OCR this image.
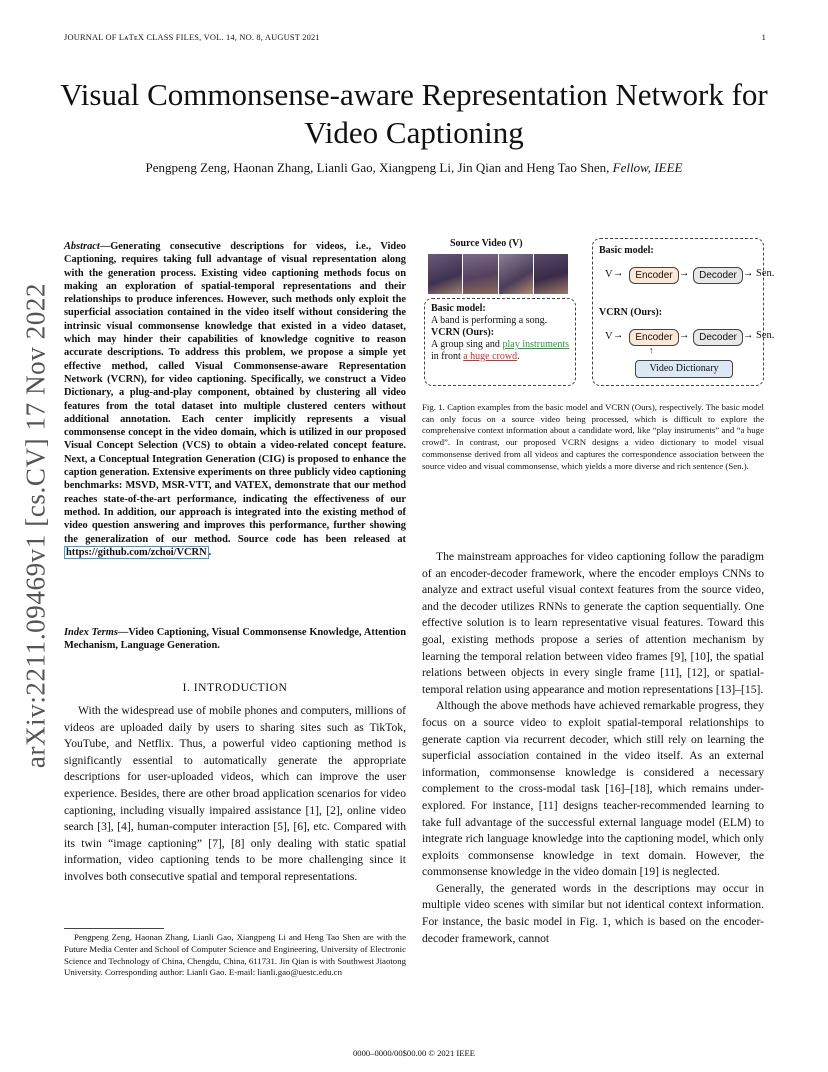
JOURNAL OF LᴀTᴇX CLASS FILES, VOL. 14, NO. 8, AUGUST 2021	1
Visual Commonsense-aware Representation Network for Video Captioning
Pengpeng Zeng, Haonan Zhang, Lianli Gao, Xiangpeng Li, Jin Qian and Heng Tao Shen, Fellow, IEEE
arXiv:2211.09469v1 [cs.CV] 17 Nov 2022
Abstract—Generating consecutive descriptions for videos, i.e., Video Captioning, requires taking full advantage of visual representation along with the generation process. Existing video captioning methods focus on making an exploration of spatial-temporal representations and their relationships to produce inferences. However, such methods only exploit the superficial association contained in the video itself without considering the intrinsic visual commonsense knowledge that existed in a video dataset, which may hinder their capabilities of knowledge cognitive to reason accurate descriptions. To address this problem, we propose a simple yet effective method, called Visual Commonsense-aware Representation Network (VCRN), for video captioning. Specifically, we construct a Video Dictionary, a plug-and-play component, obtained by clustering all video features from the total dataset into multiple clustered centers without additional annotation. Each center implicitly represents a visual commonsense concept in the video domain, which is utilized in our proposed Visual Concept Selection (VCS) to obtain a video-related concept feature. Next, a Conceptual Integration Generation (CIG) is proposed to enhance the caption generation. Extensive experiments on three publicly video captioning benchmarks: MSVD, MSR-VTT, and VATEX, demonstrate that our method reaches state-of-the-art performance, indicating the effectiveness of our method. In addition, our approach is integrated into the existing method of video question answering and improves this performance, further showing the generalization of our method. Source code has been released at https://github.com/zchoi/VCRN .
Index Terms—Video Captioning, Visual Commonsense Knowledge, Attention Mechanism, Language Generation.
I. INTRODUCTION

With the widespread use of mobile phones and computers, millions of videos are uploaded daily by users to sharing sites such as TikTok, YouTube, and Netflix. Thus, a powerful video captioning method is significantly essential to automatically generate the appropriate descriptions for user-uploaded videos, which can improve the user experience. Besides, there are other broad application scenarios for video captioning, including visually impaired assistance [1], [2], online video search [3], [4], human-computer interaction [5], [6], etc. Compared with its twin “image captioning” [7], [8] only dealing with static spatial information, video captioning tends to be more challenging since it involves both consecutive spatial and temporal representations.

Pengpeng Zeng, Haonan Zhang, Lianli Gao, Xiangpeng Li and Heng Tao Shen are with the Future Media Center and School of Computer Science and Engineering, University of Electronic Science and Technology of China, Chengdu, China, 611731. Jin Qian is with Southwest Jiaotong University. Corresponding author: Lianli Gao. E-mail: lianli.gao@uestc.edu.cn

0000–0000/00$00.00 © 2021 IEEE
Source Video (V)
Basic model:
A band is performing a song.
VCRN (Ours):
A group sing and play instruments in front a huge crowd.
Basic model:
V →	Encoder → Decoder →
VCRN (Ours):
V →	Encoder → Decoder →
Video Dictionary
↑
Sen.
Sen.
Fig. 1. Caption examples from the basic model and VCRN (Ours), respectively. The basic model can only focus on a source video being processed, which is difficult to explore the comprehensive context information about a candidate word, like “play instruments” and “a huge crowd”. In contrast, our proposed VCRN designs a video dictionary to model visual commonsense derived from all videos and captures the correspondence association between the source video and visual commonsense, which yields a more diverse and rich sentence (Sen.).

The mainstream approaches for video captioning follow the paradigm of an encoder-decoder framework, where the encoder employs CNNs to analyze and extract useful visual context features from the source video, and the decoder utilizes RNNs to generate the caption sequentially. One effective solution is to learn representative visual features. Toward this goal, existing methods propose a series of attention mechanism by learning the temporal relation between video frames [9], [10], the spatial relations between objects in every single frame [11], [12], or spatial-temporal relation using appearance and motion representations [13]–[15].

Although the above methods have achieved remarkable progress, they focus on a source video to exploit spatial-temporal relationships to generate caption via recurrent decoder, which still rely on learning the superficial association contained in the video itself. As an external information, commonsense knowledge is considered a necessary complement to the cross-modal task [16]–[18], which remains under-explored. For instance, [11] designs teacher-recommended learning to take full advantage of the successful external language model (ELM) to integrate rich language knowledge into the captioning model, which only exploits commonsense knowledge in text domain. However, the commonsense knowledge in the video domain [19] is neglected.

Generally, the generated words in the descriptions may occur in multiple video scenes with similar but not identical context information. For instance, the basic model in Fig. 1, which is based on the encoder-decoder framework, cannot
